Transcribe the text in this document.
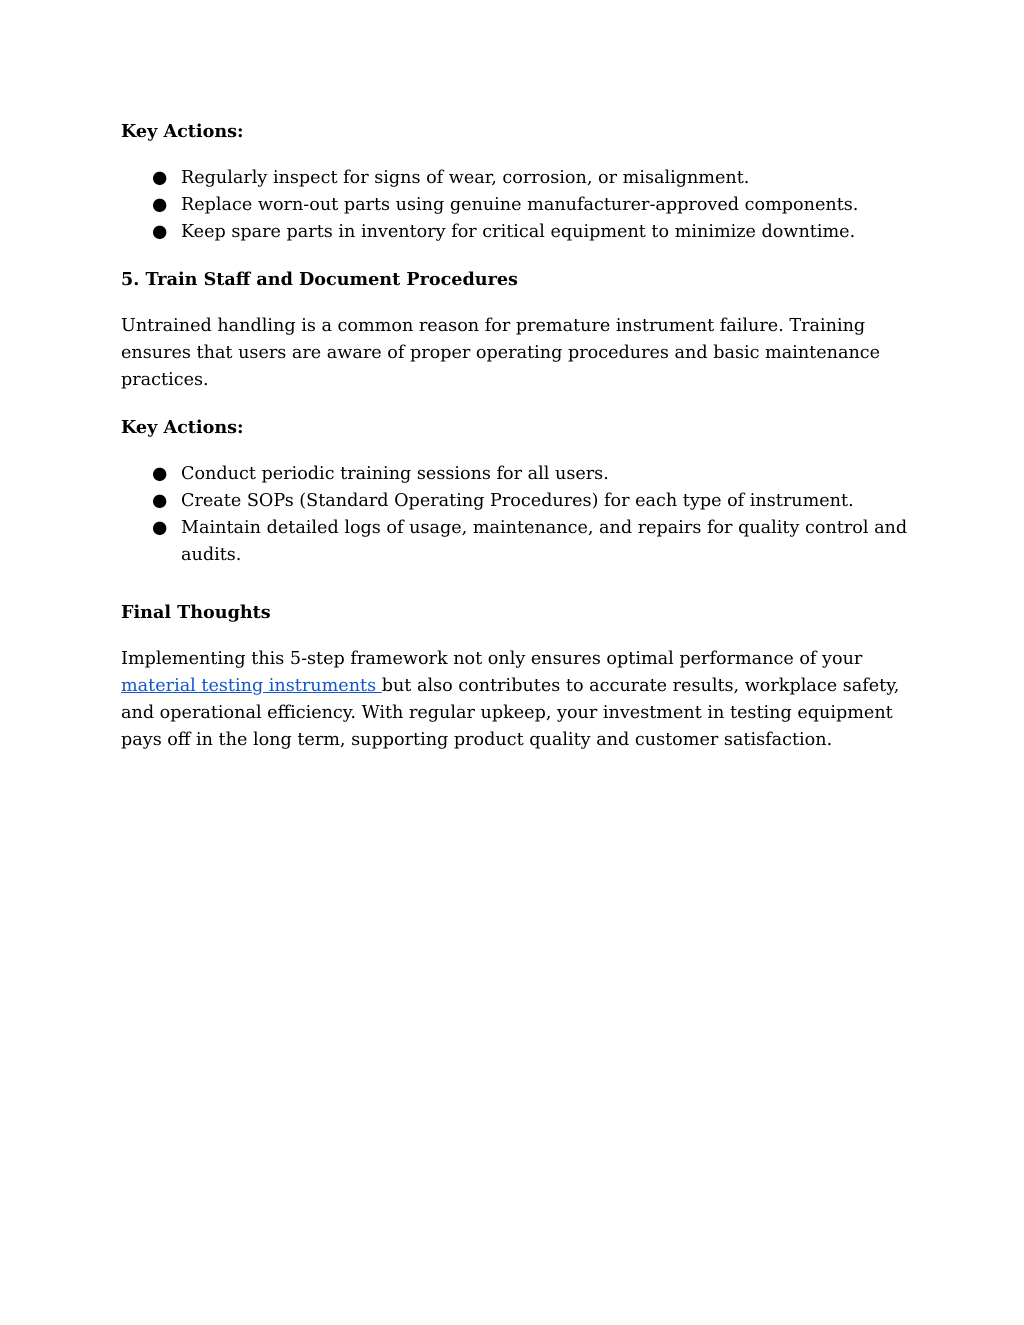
Key Actions:

● Regularly inspect for signs of wear, corrosion, or misalignment.
● Replace worn-out parts using genuine manufacturer-approved components.
● Keep spare parts in inventory for critical equipment to minimize downtime.

5. Train Staff and Document Procedures

Untrained handling is a common reason for premature instrument failure. Training ensures that users are aware of proper operating procedures and basic maintenance practices.

Key Actions:

● Conduct periodic training sessions for all users.
● Create SOPs (Standard Operating Procedures) for each type of instrument.
● Maintain detailed logs of usage, maintenance, and repairs for quality control and audits.

Final Thoughts

Implementing this 5-step framework not only ensures optimal performance of your material testing instruments but also contributes to accurate results, workplace safety, and operational efficiency. With regular upkeep, your investment in testing equipment pays off in the long term, supporting product quality and customer satisfaction.
